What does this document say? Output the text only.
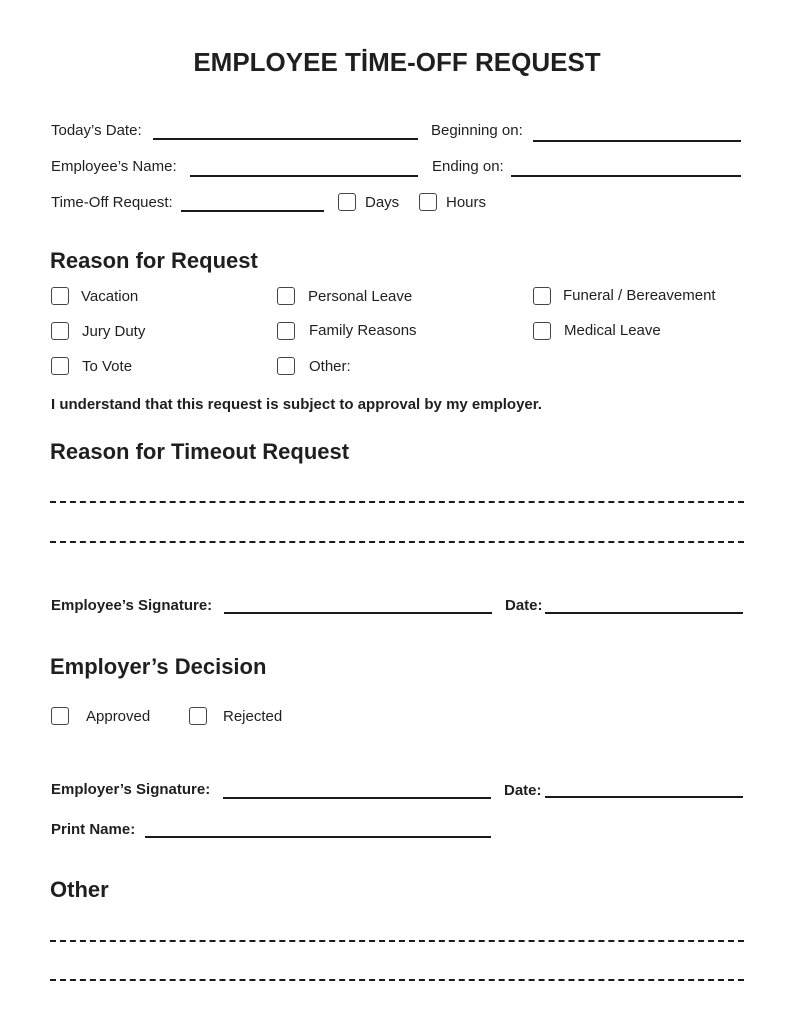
EMPLOYEE TİME-OFF REQUEST
Today’s Date:	Beginning on:
Employee’s Name:	Ending on:
Time-Off Request:	Days	Hours
Reason for Request
Vacation	Personal Leave	Funeral / Bereavement
Jury Duty	Family Reasons	Medical Leave
To Vote	Other:
I understand that this request is subject to approval by my employer.
Reason for Timeout Request
Employee’s Signature:	Date:
Employer’s Decision
Approved	Rejected
Employer’s Signature:	Date:
Print Name:
Other
